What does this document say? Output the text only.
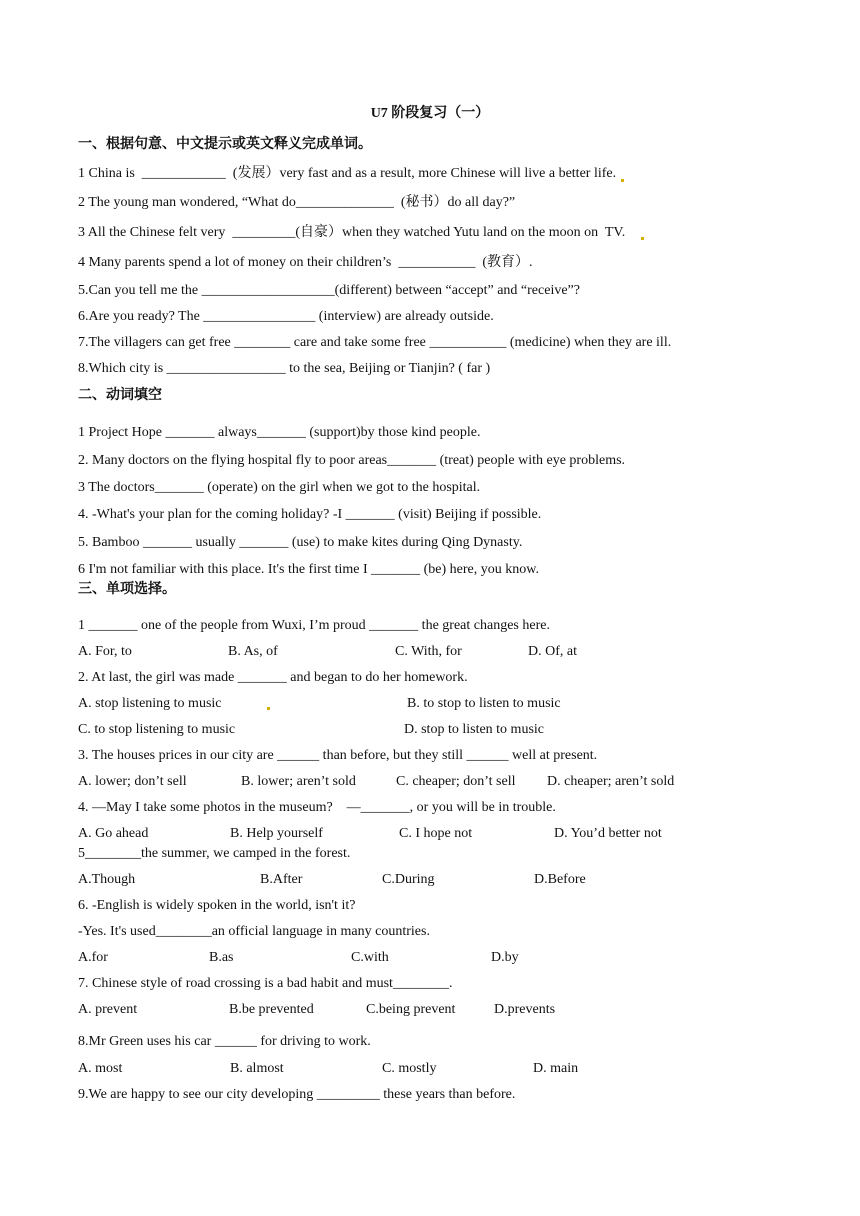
U7 阶段复习（一）
一、根据句意、中文提示或英文释义完成单词。
1 China is  ____________  (发展）very fast and as a result, more Chinese will live a better life.
2 The young man wondered, “What do______________  (秘书）do all day?”
3 All the Chinese felt very  _________(自豪）when they watched Yutu land on the moon on  TV.
4 Many parents spend a lot of money on their children’s  ___________  (教育）.
5.Can you tell me the ___________________(different) between “accept” and “receive”?
6.Are you ready? The ________________ (interview) are already outside.
7.The villagers can get free ________ care and take some free ___________ (medicine) when they are ill.
8.Which city is _________________ to the sea, Beijing or Tianjin? ( far )
二、动词填空
1 Project Hope _______ always_______ (support)by those kind people.
2. Many doctors on the flying hospital fly to poor areas_______ (treat) people with eye problems.
3 The doctors_______ (operate) on the girl when we got to the hospital.
4. -What's your plan for the coming holiday? -I _______ (visit) Beijing if possible.
5. Bamboo _______ usually _______ (use) to make kites during Qing Dynasty.
6 I'm not familiar with this place. It's the first time I _______ (be) here, you know.
三、单项选择。
1 _______ one of the people from Wuxi, I’m proud _______ the great changes here.
A. For, to	B. As, of	C. With, for	D. Of, at
2. At last, the girl was made _______ and began to do her homework.
A. stop listening to music	B. to stop to listen to music
C. to stop listening to music	D. stop to listen to music
3. The houses prices in our city are ______ than before, but they still ______ well at present.
A. lower; don’t sell	B. lower; aren’t sold	C. cheaper; don’t sell D. cheaper; aren’t sold
4. —May I take some photos in the museum?    —_______, or you will be in trouble.
A. Go ahead	B. Help yourself	C. I hope not	D. You’d better not
5________the summer, we camped in the forest.
A.Though	B.After	C.During	D.Before
6. -English is widely spoken in the world, isn't it?
-Yes. It's used________an official language in many countries.
A.for	B.as	C.with	D.by
7. Chinese style of road crossing is a bad habit and must________.
A. prevent	B.be prevented	C.being prevent	D.prevents
8.Mr Green uses his car ______ for driving to work.
A. most	B. almost	C. mostly	D. main
9.We are happy to see our city developing _________ these years than before.
